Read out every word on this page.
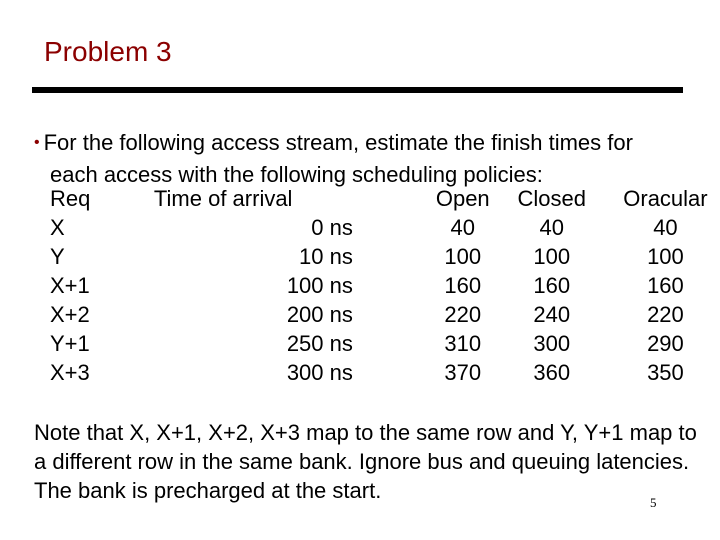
Problem 3
• For the following access stream, estimate the finish times for
each access with the following scheduling policies:
Req	Time of arrival	Open	Closed	Oracular
X	0 ns	40	40	40
Y	10 ns	100	100	100
X+1	100 ns	160	160	160
X+2	200 ns	220	240	220
Y+1	250 ns	310	300	290
X+3	300 ns	370	360	350
Note that X, X+1, X+2, X+3 map to the same row and Y, Y+1 map to a different row in the same bank. Ignore bus and queuing latencies. The bank is precharged at the start.	5
